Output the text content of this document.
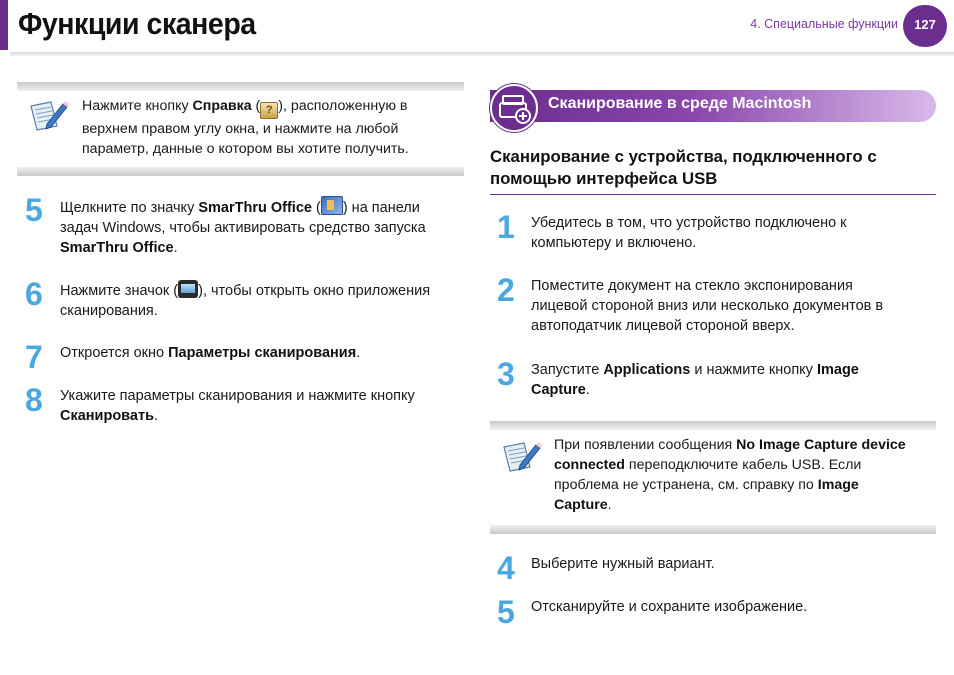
Функции сканера	4. Специальные функции	127
Нажмите кнопку Справка ( ? ), расположенную в
верхнем правом углу окна, и нажмите на любой
параметр, данные о котором вы хотите получить.
5	Щелкните по значку SmarThru Office ( ) на панели
задач Windows, чтобы активировать средство запуска
SmarThru Office.
6	Нажмите значок ( ), чтобы открыть окно приложения
сканирования.
7	Откроется окно Параметры сканирования.
8	Укажите параметры сканирования и нажмите кнопку
Сканировать.
Сканирование в среде Macintosh
Сканирование с устройства, подключенного с
помощью интерфейса USB
1	Убедитесь в том, что устройство подключено к
компьютеру и включено.
2	Поместите документ на стекло экспонирования
лицевой стороной вниз или несколько документов в
автоподатчик лицевой стороной вверх.
3	Запустите Applications и нажмите кнопку Image
Capture.
При появлении сообщения No Image Capture device
connected переподключите кабель USB. Если
проблема не устранена, см. справку по Image
Capture.
4	Выберите нужный вариант.
5	Отсканируйте и сохраните изображение.
